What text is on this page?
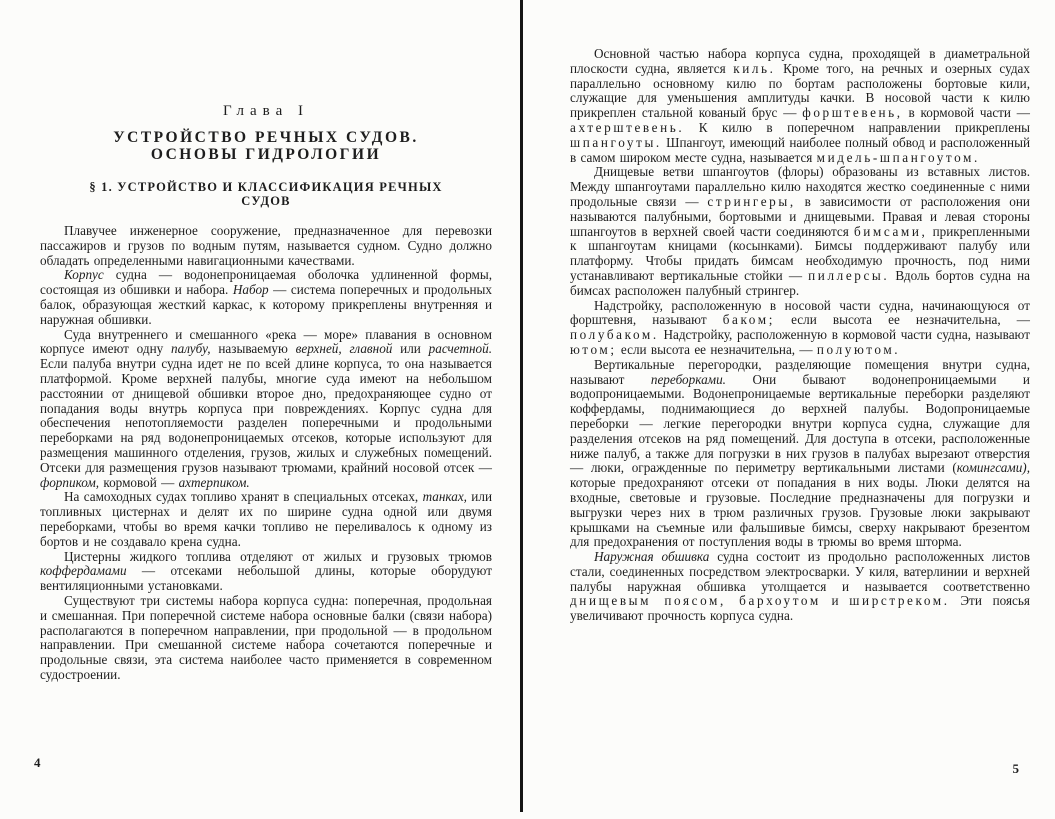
Глава I
УСТРОЙСТВО РЕЧНЫХ СУДОВ.
ОСНОВЫ ГИДРОЛОГИИ
§ 1. УСТРОЙСТВО И КЛАССИФИКАЦИЯ РЕЧНЫХ
СУДОВ

Плавучее инженерное сооружение, предназначенное для перевозки пассажиров и грузов по водным путям, называется судном. Судно должно обладать определенными навигационными качествами.

Корпус судна — водонепроницаемая оболочка удлиненной формы, состоящая из обшивки и набора. Набор — система поперечных и продольных балок, образующая жесткий каркас, к которому прикреплены внутренняя и наружная обшивки.

Суда внутреннего и смешанного «река — море» плавания в основном корпусе имеют одну палубу, называемую верхней, главной или расчетной. Если палуба внутри судна идет не по всей длине корпуса, то она называется платформой. Кроме верхней палубы, многие суда имеют на небольшом расстоянии от днищевой обшивки второе дно, предохраняющее судно от попадания воды внутрь корпуса при повреждениях. Корпус судна для обеспечения непотопляемости разделен поперечными и продольными переборками на ряд водонепроницаемых отсеков, которые используют для размещения машинного отделения, грузов, жилых и служебных помещений. Отсеки для размещения грузов называют трюмами, крайний носовой отсек — форпиком, кормовой — ахтерпиком.

На самоходных судах топливо хранят в специальных отсеках, танках, или топливных цистернах и делят их по ширине судна одной или двумя переборками, чтобы во время качки топливо не переливалось к одному из бортов и не создавало крена судна.

Цистерны жидкого топлива отделяют от жилых и грузовых трюмов коффердамами — отсеками небольшой длины, которые оборудуют вентиляционными установками.

Существуют три системы набора корпуса судна: поперечная, продольная и смешанная. При поперечной системе набора основные балки (связи набора) располагаются в поперечном направлении, при продольной — в продольном направлении. При смешанной системе набора сочетаются поперечные и продольные связи, эта система наиболее часто применяется в современном судостроении.

4

Основной частью набора корпуса судна, проходящей в диаметральной плоскости судна, является киль. Кроме того, на речных и озерных судах параллельно основному килю по бортам расположены бортовые кили, служащие для уменьшения амплитуды качки. В носовой части к килю прикреплен стальной кованый брус — форштевень, в кормовой части — ахтерштевень. К килю в поперечном направлении прикреплены шпангоуты. Шпангоут, имеющий наиболее полный обвод и расположенный в самом широком месте судна, называется мидель-шпангоутом.

Днищевые ветви шпангоутов (флоры) образованы из вставных листов. Между шпангоутами параллельно килю находятся жестко соединенные с ними продольные связи — стрингеры, в зависимости от расположения они называются палубными, бортовыми и днищевыми. Правая и левая стороны шпангоутов в верхней своей части соединяются бимсами, прикрепленными к шпангоутам кницами (косынками). Бимсы поддерживают палубу или платформу. Чтобы придать бимсам необходимую прочность, под ними устанавливают вертикальные стойки — пиллерсы. Вдоль бортов судна на бимсах расположен палубный стрингер.

Надстройку, расположенную в носовой части судна, начинающуюся от форштевня, называют баком; если высота ее незначительна, — полубаком. Надстройку, расположенную в кормовой части судна, называют ютом; если высота ее незначительна, — полуютом.

Вертикальные перегородки, разделяющие помещения внутри судна, называют переборками. Они бывают водонепроницаемыми и водопроницаемыми. Водонепроницаемые вертикальные переборки разделяют коффердамы, поднимающиеся до верхней палубы. Водопроницаемые переборки — легкие перегородки внутри корпуса судна, служащие для разделения отсеков на ряд помещений. Для доступа в отсеки, расположенные ниже палуб, а также для погрузки в них грузов в палубах вырезают отверстия — люки, огражденные по периметру вертикальными листами (комингсами), которые предохраняют отсеки от попадания в них воды. Люки делятся на входные, световые и грузовые. Последние предназначены для погрузки и выгрузки через них в трюм различных грузов. Грузовые люки закрывают крышками на съемные или фальшивые бимсы, сверху накрывают брезентом для предохранения от поступления воды в трюмы во время шторма.

Наружная обшивка судна состоит из продольно расположенных листов стали, соединенных посредством электросварки. У киля, ватерлинии и верхней палубы наружная обшивка утолщается и называется соответственно днищевым поясом, бархоутом и ширстреком. Эти поясья увеличивают прочность корпуса судна.

5
